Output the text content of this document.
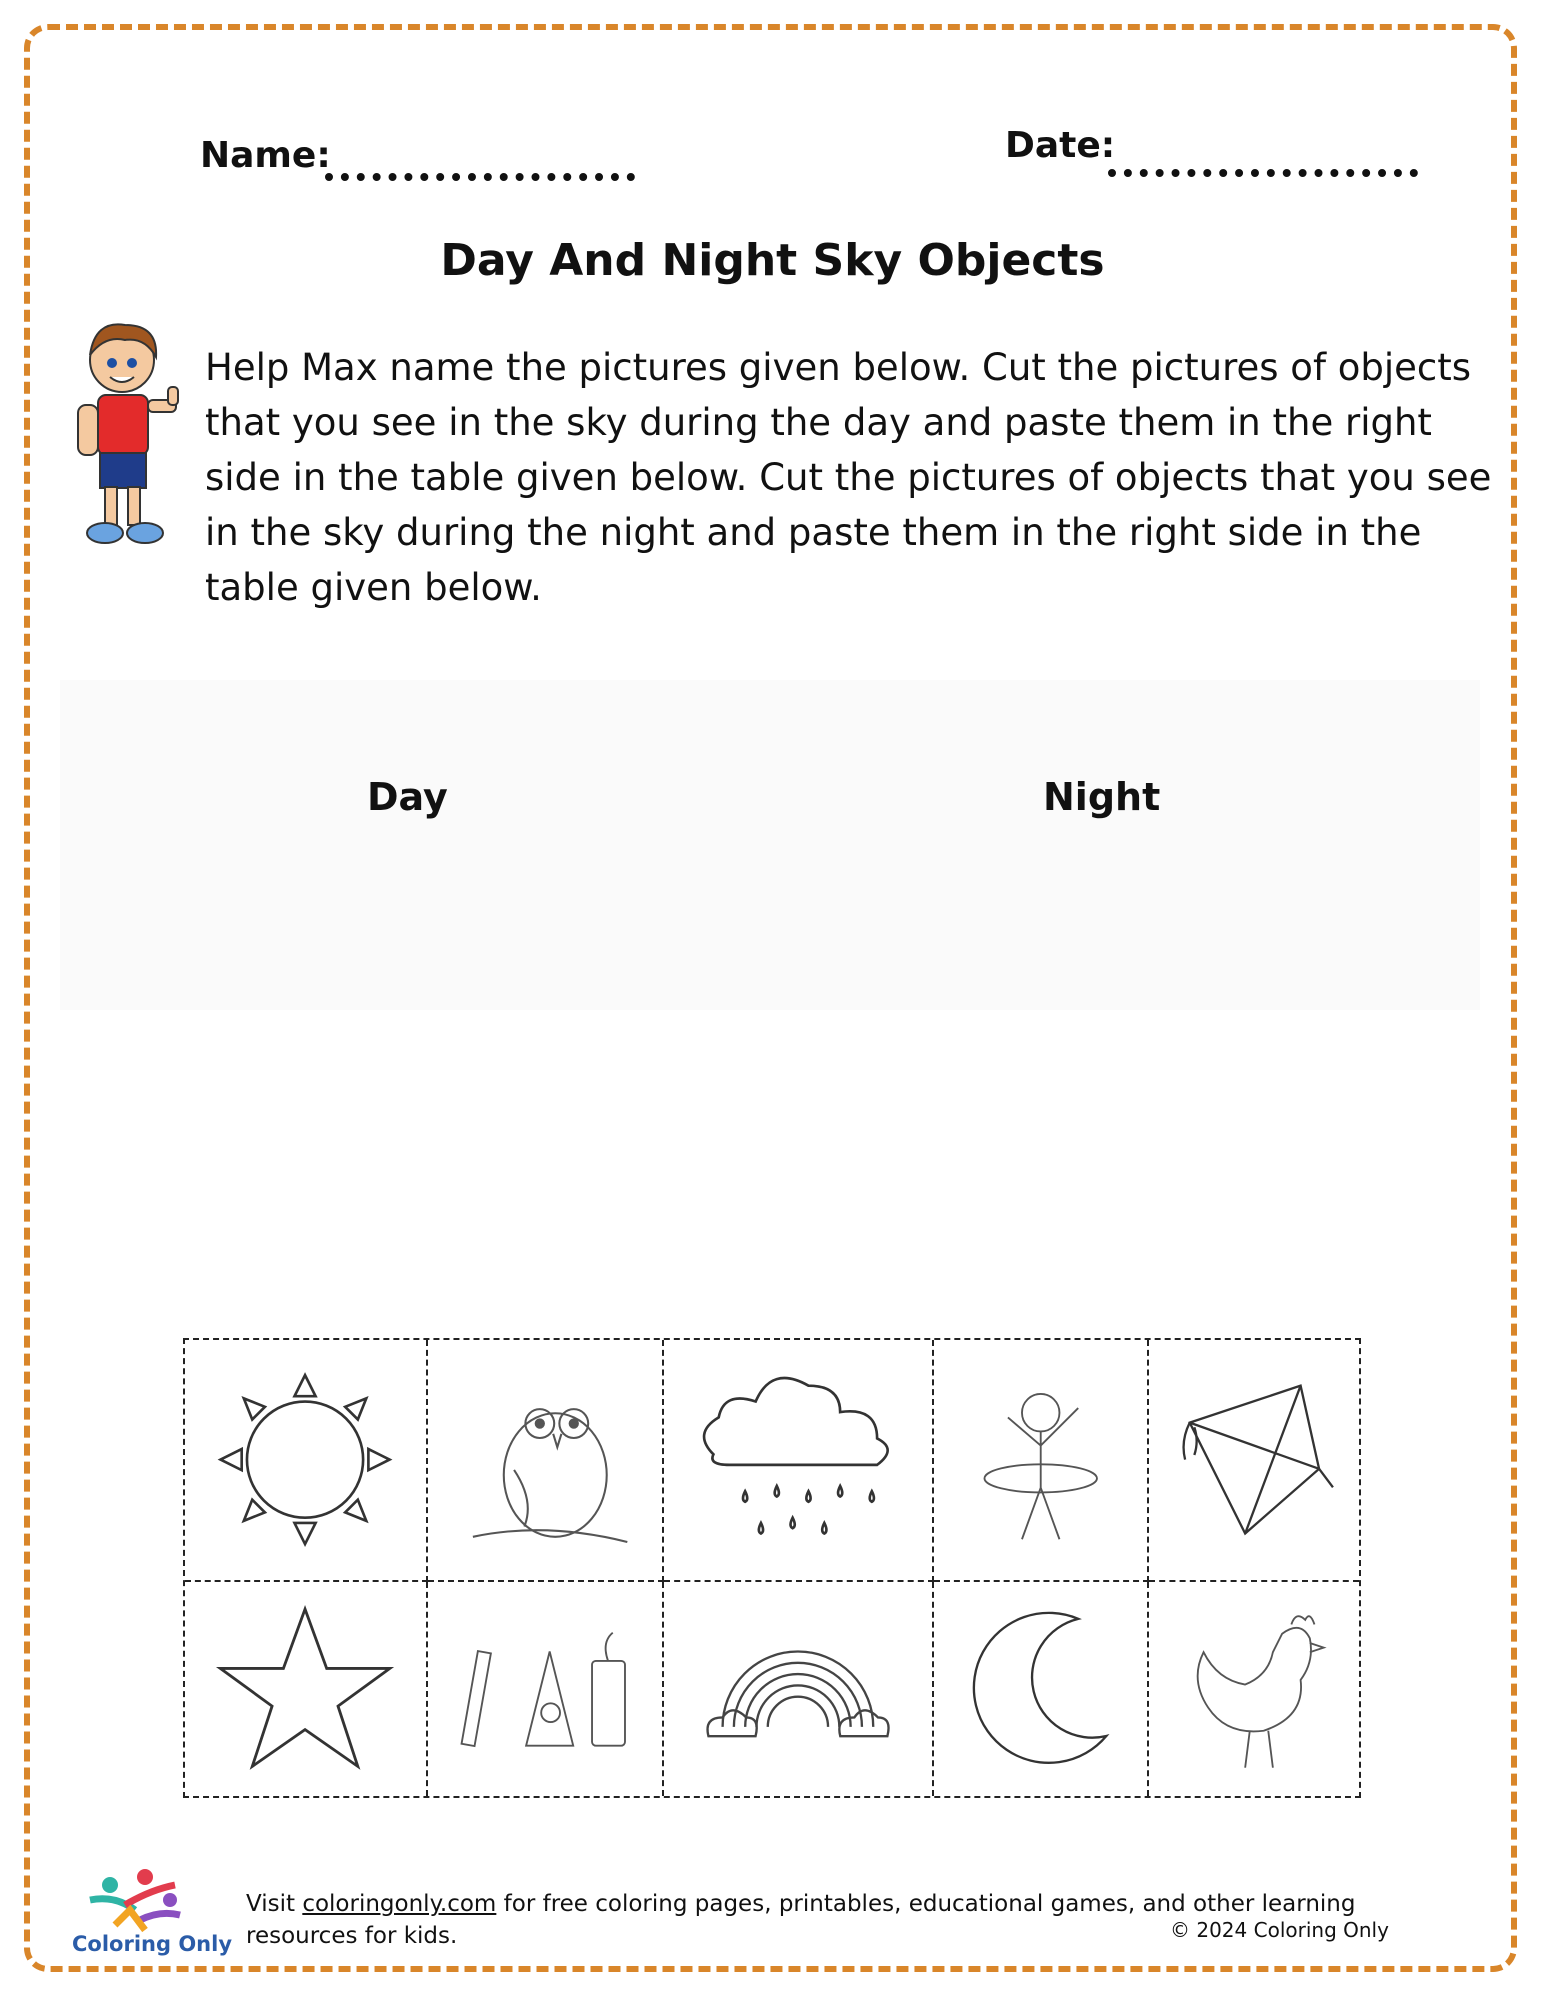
Name:	Date:
Day And Night Sky Objects

Help Max name the pictures given below. Cut the pictures of objects that you see in the sky during the day and paste them in the right side in the table given below. Cut the pictures of objects that you see in the sky during the night and paste them in the right side in the table given below.

Day	Night
Coloring Only

Visit coloringonly.com for free coloring pages, printables, educational games, and other learning resources for kids.	© 2024 Coloring Only
